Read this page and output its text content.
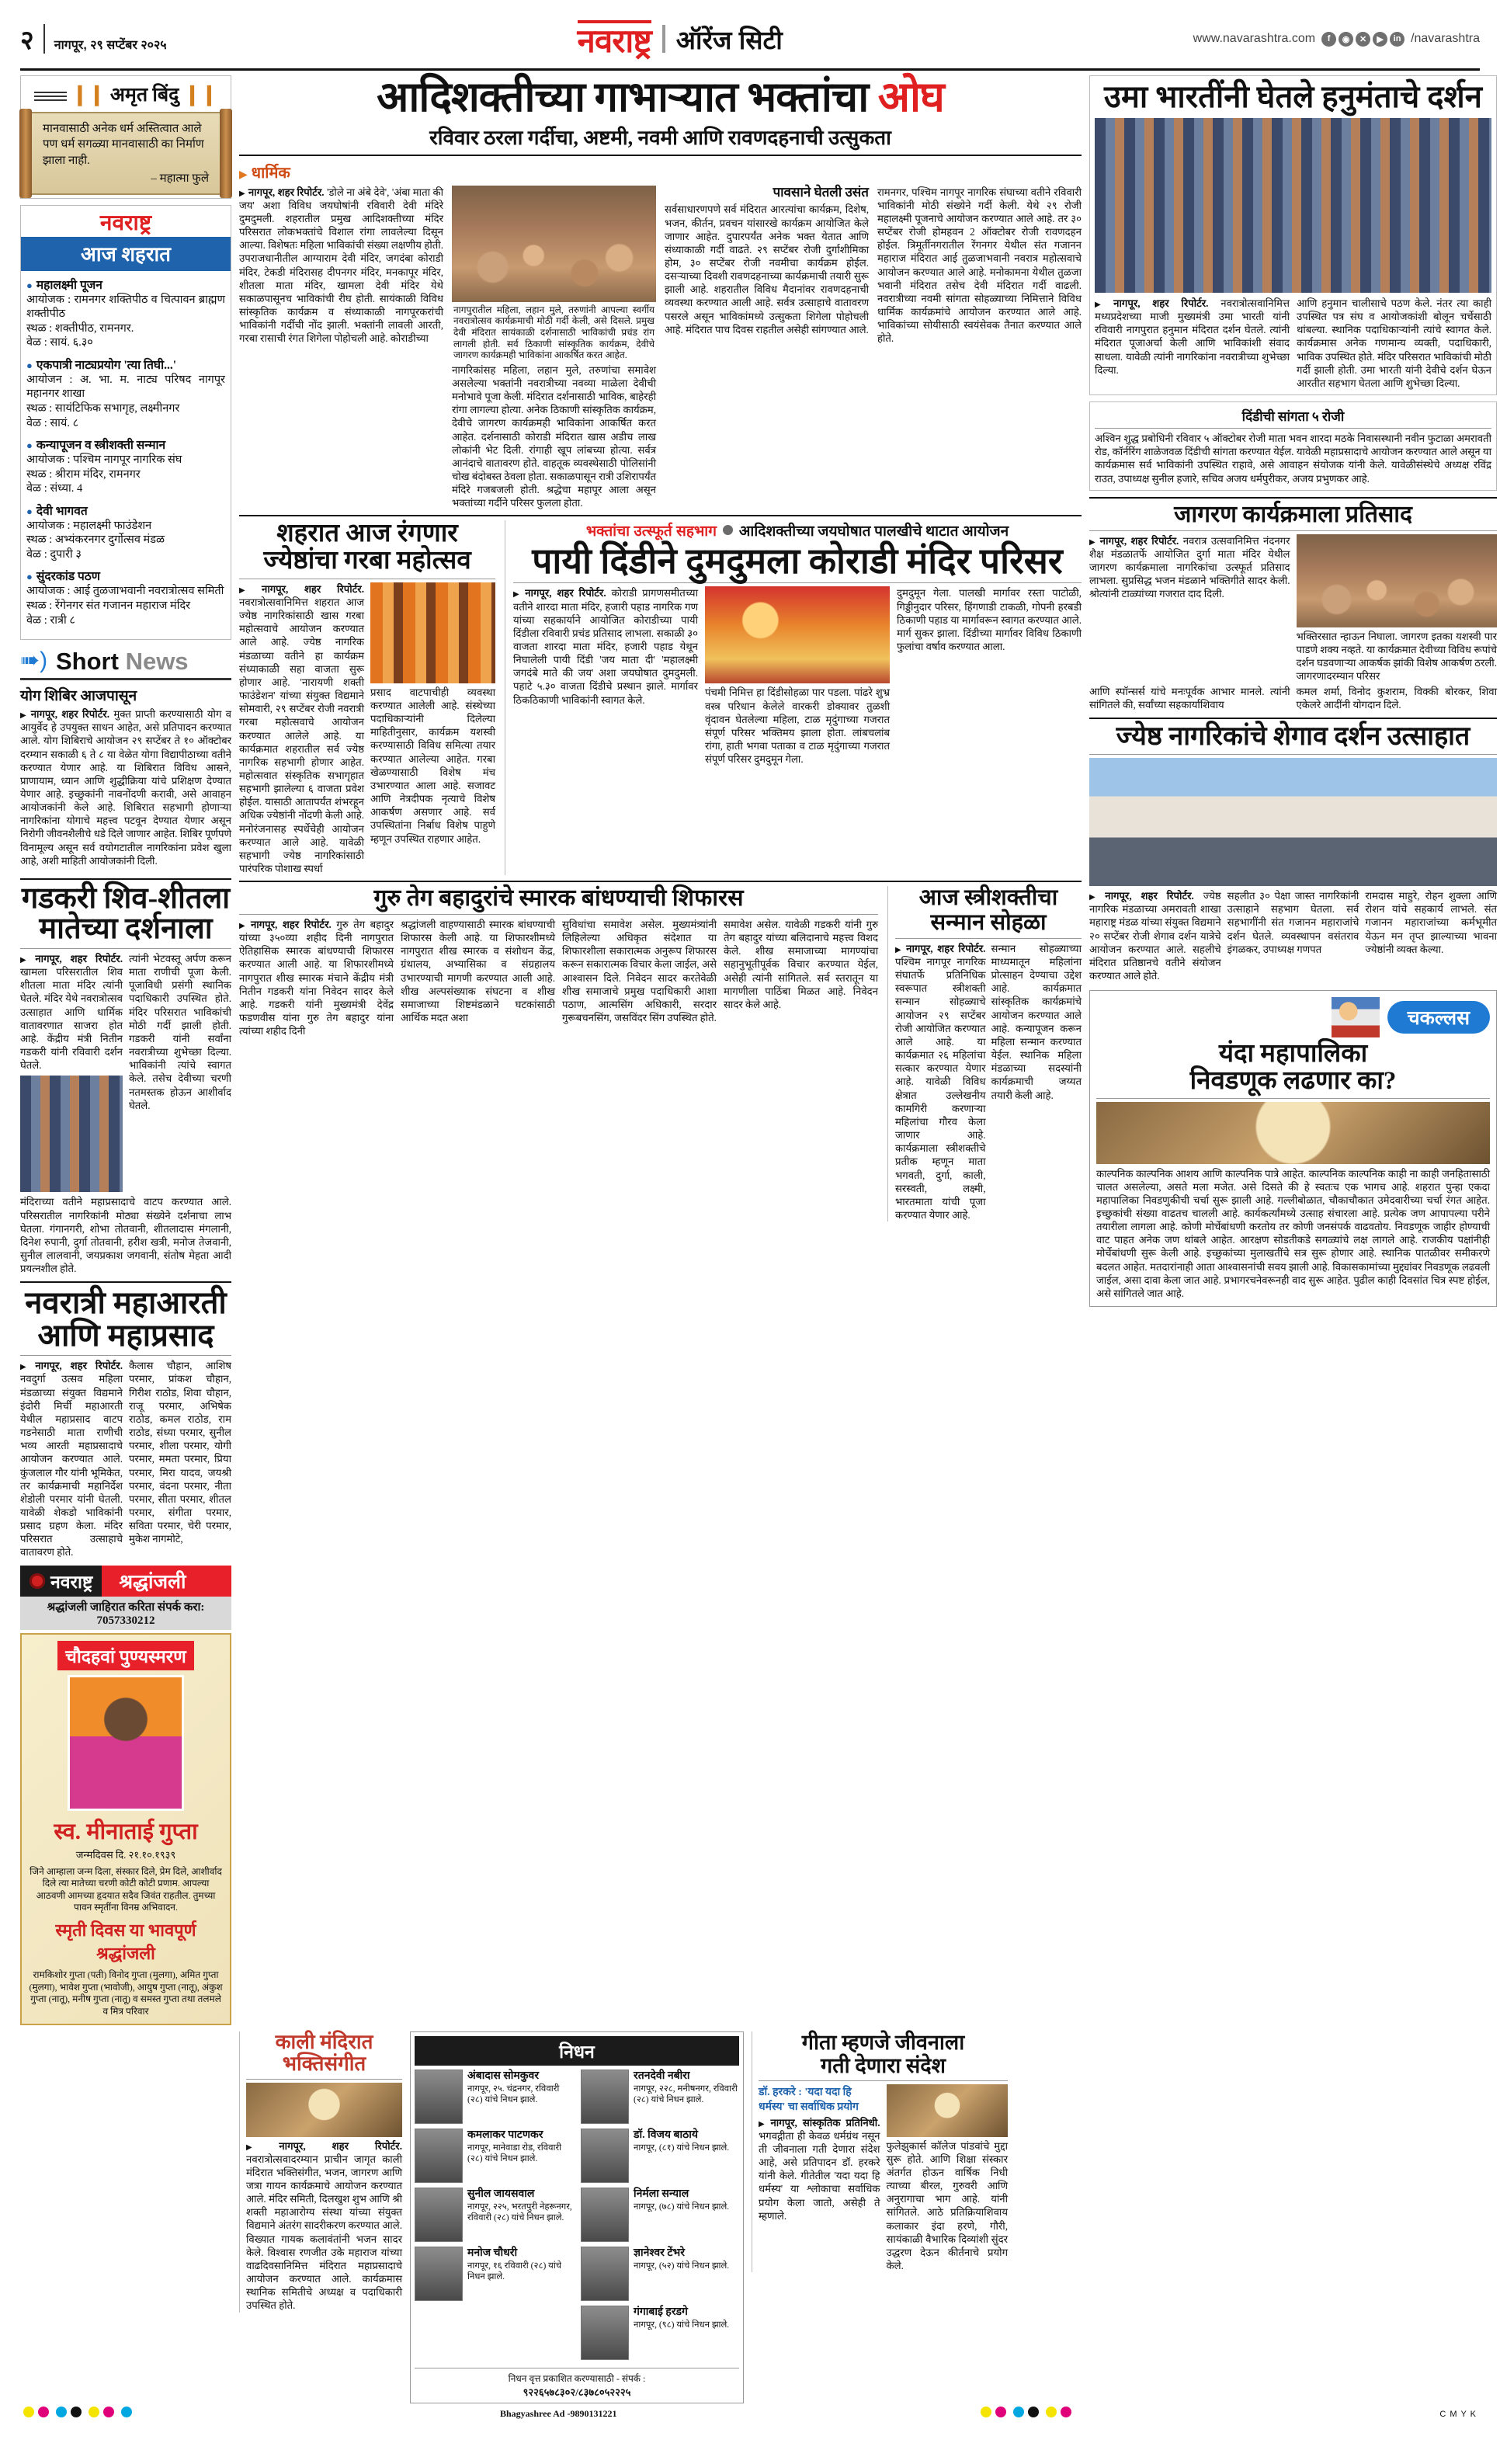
२ नागपूर, २९ सप्टेंबर २०२५	नवराष्ट्र ऑरेंज सिटी	www.navarashtra.com	f	◉	✕	▶	in /navarashtra
❙❙ अमृत बिंदु ❙❙

मानवासाठी अनेक धर्म अस्तित्वात आले पण धर्म सगळ्या मानवासाठी का निर्माण झाला नाही.

– महात्मा फुले
नवराष्ट्र
आज शहरात
● महालक्ष्मी पूजन
आयोजक : रामनगर शक्तिपीठ व चित्पावन ब्राह्मण शक्तीपीठ
स्थळ : शक्तीपीठ, रामनगर.
वेळ : सायं. ६.३०
● एकपात्री नाट्यप्रयोग 'त्या तिघी...'
आयोजन : अ. भा. म. नाट्य परिषद नागपूर महानगर शाखा
स्थळ : सायंटिफिक सभागृह, लक्ष्मीनगर
वेळ : सायं. ८
● कन्यापूजन व स्त्रीशक्ती सन्मान
आयोजक : पश्चिम नागपूर नागरिक संघ
स्थळ : श्रीराम मंदिर, रामनगर
वेळ : संध्या. 4
● देवी भागवत
आयोजक : महालक्ष्मी फाउंडेशन
स्थळ : अभ्यंकरनगर दुर्गोत्सव मंडळ
वेळ : दुपारी ३
● सुंदरकांड पठण
आयोजक : आई तुळजाभवानी नवरात्रोत्सव समिती
स्थळ : रेंगेनगर संत गजानन महाराज मंदिर
वेळ : रात्री ८
➠) Short News
योग शिबिर आजपासून
▶ नागपूर, शहर रिपोर्टर. मुक्त प्राप्ती करण्यासाठी योग व आयुर्वेद हे उपयुक्त साधन आहेत, असे प्रतिपादन करण्यात आले. योग शिबिराचे आयोजन २९ सप्टेंबर ते १० ऑक्टोबर दरम्यान सकाळी ६ ते ८ या वेळेत योगा विद्यापीठाच्या वतीने करण्यात येणार आहे. या शिबिरात विविध आसने, प्राणायाम, ध्यान आणि शुद्धीक्रिया यांचे प्रशिक्षण देण्यात येणार आहे. इच्छुकांनी नावनोंदणी करावी, असे आवाहन आयोजकांनी केले आहे. शिबिरात सहभागी होणाऱ्या नागरिकांना योगाचे महत्त्व पटवून देण्यात येणार असून निरोगी जीवनशैलीचे धडे दिले जाणार आहेत. शिबिर पूर्णपणे विनामूल्य असून सर्व वयोगटातील नागरिकांना प्रवेश खुला आहे, अशी माहिती आयोजकांनी दिली.
गडकरी शिव-शीतला मातेच्या दर्शनाला
▶ नागपूर, शहर रिपोर्टर. खामला परिसरातील शिव शीतला माता मंदिर त्यांनी घेतले. मंदिर येथे नवरात्रोत्सव उत्साहात आणि धार्मिक वातावरणात साजरा होत आहे. केंद्रीय मंत्री नितीन गडकरी यांनी रविवारी दर्शन घेतले.
त्यांनी भेटवस्तू अर्पण करून माता राणीची पूजा केली. पूजाविधी प्रसंगी स्थानिक पदाधिकारी उपस्थित होते. मंदिर परिसरात भाविकांची मोठी गर्दी झाली होती. गडकरी यांनी सर्वांना नवरात्रीच्या शुभेच्छा दिल्या. भाविकांनी त्यांचे स्वागत केले. तसेच देवीच्या चरणी नतमस्तक होऊन आशीर्वाद घेतले.
मंदिराच्या वतीने महाप्रसादाचे वाटप करण्यात आले. परिसरातील नागरिकांनी मोठ्या संख्येने दर्शनाचा लाभ घेतला. गंगानगरी, शोभा तोतवानी, शीतलादास मंगलानी, दिनेश रुपानी, दुर्गा तोतवानी, हरीश खत्री, मनोज तेजवानी, सुनील लालवानी, जयप्रकाश जगवानी, संतोष मेहता आदी प्रयत्नशील होते.
नवरात्री महाआरती
आणि महाप्रसाद
▶ नागपूर, शहर रिपोर्टर. नवदुर्गा उत्सव महिला मंडळाच्या संयुक्त विद्यमाने इंदोरी मिर्ची महाआरती येथील महाप्रसाद वाटप गडनेसाठी माता राणीची भव्य आरती महाप्रसादाचे आयोजन करण्यात आले. कुंजलाल गौर यांनी भूमिकेत, तर कार्यक्रमाची महानिर्देश शेडोली परमार यांनी घेतली. यावेळी शेकडो भाविकांनी प्रसाद ग्रहण केला. मंदिर परिसरात उत्साहाचे वातावरण होते.
कैलास चौहान, आशिष परमार, प्रांकश चौहान, गिरीश राठोड, शिवा चौहान, राजू परमार, अभिषेक राठोड, कमल राठोड, राम राठोड, संध्या परमार, सुनील परमार, शीला परमार, योगी परमार, ममता परमार, प्रिया परमार, मिरा यादव, जयश्री परमार, वंदना परमार, नीता परमार, सीता परमार, शीतल परमार, संगीता परमार, सविता परमार, चेरी परमार, मुकेश नागमोटे,
नवराष्ट्र	श्रद्धांजली
श्रद्धांजली जाहिरात करिता संपर्क करा: 7057330212
चौदहवां पुण्यस्मरण
स्व. मीनाताई गुप्ता
जन्मदिवस दि. २१.१०.१९३९
जिने आम्हाला जन्म दिला, संस्कार दिले, प्रेम दिले, आशीर्वाद दिले त्या मातेच्या चरणी कोटी कोटी प्रणाम. आपल्या आठवणी आमच्या हृदयात सदैव जिवंत राहतील. तुमच्या पावन स्मृतींना विनम्र अभिवादन.
स्मृती दिवस या भावपूर्ण श्रद्धांजली
रामकिशोर गुप्ता (पती) विनोद गुप्ता (मुलगा), अमित गुप्ता (मुलगा), भावेश गुप्ता (भावोजी), आयुष गुप्ता (नातू), अंकुश गुप्ता (नातू), मनीष गुप्ता (नातू) व समस्त गुप्ता तथा तलमले व मित्र परिवार
आदिशक्तीच्या गाभाऱ्यात भक्तांचा ओघ
रविवार ठरला गर्दीचा, अष्टमी, नवमी आणि रावणदहनाची उत्सुकता
▶ धार्मिक
▶ नागपूर, शहर रिपोर्टर. 'डोले ना अंबे देवे', 'अंबा माता की जय' अशा विविध जयघोषांनी रविवारी देवी मंदिरे दुमदुमली. शहरातील प्रमुख आदिशक्तीच्या मंदिर परिसरात लोकभक्तांचे विशाल रांगा लावलेल्या दिसून आल्या. विशेषतः महिला भाविकांची संख्या लक्षणीय होती. उपराजधानीतील आग्याराम देवी मंदिर, जगदंबा कोराडी मंदिर, टेकडी मंदिरासह दीपनगर मंदिर, मनकापूर मंदिर, शीतला माता मंदिर, खामला देवी मंदिर येथे सकाळपासूनच भाविकांची रीघ होती. सायंकाळी विविध सांस्कृतिक कार्यक्रम व संध्याकाळी नागपूरकरांची भाविकांनी गर्दीची नोंद झाली. भक्तांनी लावली आरती, गरबा रासाची रंगत शिगेला पोहोचली आहे. कोराडीच्या
नागपुरातील महिला, लहान मुले, तरुणांनी आपल्या स्वर्गीय नवरात्रोत्सव कार्यक्रमाची मोठी गर्दी केली, असे दिसले. प्रमुख देवी मंदिरात सायंकाळी दर्शनासाठी भाविकांची प्रचंड रांग लागली होती. सर्व ठिकाणी सांस्कृतिक कार्यक्रम, देवीचे जागरण कार्यक्रमही भाविकांना आकर्षित करत आहेत.
नागरिकांसह महिला, लहान मुले, तरुणांचा समावेश असलेल्या भक्तांनी नवरात्रीच्या नवव्या माळेला देवीची मनोभावे पूजा केली. मंदिरात दर्शनासाठी भाविक, बाहेरही रांगा लागल्या होत्या. अनेक ठिकाणी सांस्कृतिक कार्यक्रम, देवीचे जागरण कार्यक्रमही भाविकांना आकर्षित करत आहेत. दर्शनासाठी कोराडी मंदिरात खास अडीच लाख लोकांनी भेट दिली. रांगाही खूप लांबच्या होत्या. सर्वत्र आनंदाचे वातावरण होते. वाहतूक व्यवस्थेसाठी पोलिसांनी चोख बंदोबस्त ठेवला होता. सकाळपासून रात्री उशिरापर्यंत मंदिरे गजबजली होती. श्रद्धेचा महापूर आला असून भक्तांच्या गर्दीने परिसर फुलला होता.
पावसाने घेतली उसंत
सर्वसाधारणपणे सर्व मंदिरात आरत्यांचा कार्यक्रम, दिशेष, भजन, कीर्तन, प्रवचन यांसारखे कार्यक्रम आयोजित केले जाणार आहेत. दुपारपर्यंत अनेक भक्त येतात आणि संध्याकाळी गर्दी वाढते. २९ सप्टेंबर रोजी दुर्गाशीमिका होम, ३० सप्टेंबर रोजी नवमीचा कार्यक्रम होईल. दसऱ्याच्या दिवशी रावणदहनाच्या कार्यक्रमाची तयारी सुरू झाली आहे. शहरातील विविध मैदानांवर रावणदहनाची व्यवस्था करण्यात आली आहे. सर्वत्र उत्साहाचे वातावरण पसरले असून भाविकांमध्ये उत्सुकता शिगेला पोहोचली आहे. मंदिरात पाच दिवस राहतील असेही सांगण्यात आले.
रामनगर, पश्चिम नागपूर नागरिक संघाच्या वतीने रविवारी भाविकांनी मोठी संख्येने गर्दी केली. येथे २९ रोजी महालक्ष्मी पूजनाचे आयोजन करण्यात आले आहे. तर ३० सप्टेंबर रोजी होमहवन 2 ऑक्टोबर रोजी रावणदहन होईल. त्रिमूर्तीनगरातील रेंगनगर येथील संत गजानन महाराज मंदिरात आई तुळजाभवानी नवरात्र महोत्सवाचे आयोजन करण्यात आले आहे. मनोकामना येथील तुळजा भवानी मंदिरात तसेच देवी मंदिरात गर्दी वाढली. नवरात्रीच्या नवमी सांगता सोहळ्याच्या निमित्ताने विविध धार्मिक कार्यक्रमांचे आयोजन करण्यात आले आहे. भाविकांच्या सोयीसाठी स्वयंसेवक तैनात करण्यात आले होते.
शहरात आज रंगणार
ज्येष्ठांचा गरबा महोत्सव
▶ नागपूर, शहर रिपोर्टर. नवरात्रोत्सवानिमित्त शहरात आज ज्येष्ठ नागरिकांसाठी खास गरबा महोत्सवाचे आयोजन करण्यात आले आहे. ज्येष्ठ नागरिक मंडळाच्या वतीने हा कार्यक्रम संध्याकाळी सहा वाजता सुरू होणार आहे. 'नारायणी शक्ती फाउंडेशन' यांच्या संयुक्त विद्यमाने सोमवारी, २९ सप्टेंबर रोजी नवरात्री गरबा महोत्सवाचे आयोजन करण्यात आलेले आहे. या कार्यक्रमात शहरातील सर्व ज्येष्ठ नागरिक सहभागी होणार आहेत. महोत्सवात संस्कृतिक सभागृहात सहभागी झालेल्या ६ वाजता प्रवेश होईल. यासाठी आतापर्यंत शंभरहून अधिक ज्येष्ठांनी नोंदणी केली आहे. मनोरंजनासह स्पर्धेचेही आयोजन करण्यात आले आहे. यावेळी सहभागी ज्येष्ठ नागरिकांसाठी पारंपरिक पोशाख स्पर्धा
प्रसाद वाटपाचीही व्यवस्था करण्यात आलेली आहे. संस्थेच्या पदाधिकाऱ्यांनी दिलेल्या माहितीनुसार, कार्यक्रम यशस्वी करण्यासाठी विविध समित्या तयार करण्यात आलेल्या आहेत. गरबा खेळण्यासाठी विशेष मंच उभारण्यात आला आहे. सजावट आणि नेत्रदीपक नृत्याचे विशेष आकर्षण असणार आहे. सर्व उपस्थितांना निर्बाध विशेष पाहुणे म्हणून उपस्थित राहणार आहेत.
भक्तांचा उत्स्फूर्त सहभाग आदिशक्तीच्या जयघोषात पालखीचे थाटात आयोजन
पायी दिंडीने दुमदुमला कोराडी मंदिर परिसर
▶ नागपूर, शहर रिपोर्टर. कोराडी प्रागणसमीतच्या वतीने शारदा माता मंदिर, हजारी पहाड नागरिक गण यांच्या सहकार्याने आयोजित कोराडीच्या पायी दिंडीला रविवारी प्रचंड प्रतिसाद लाभला. सकाळी ३० वाजता शारदा माता मंदिर, हजारी पहाड येथून निघालेली पायी दिंडी 'जय माता दी' 'महालक्ष्मी जगदंबे माते की जय' अशा जयघोषात दुमदुमली. पहाटे ५.३० वाजता दिंडीचे प्रस्थान झाले. मार्गावर ठिकठिकाणी भाविकांनी स्वागत केले.
पंचमी निमित्त हा दिंडीसोहळा पार पडला. पांढरे शुभ्र वस्त्र परिधान केलेले वारकरी डोक्यावर तुळशी वृंदावन घेतलेल्या महिला, टाळ मृदुंगाच्या गजरात संपूर्ण परिसर भक्तिमय झाला होता. लांबचलांब रांगा, हाती भगवा पताका व टाळ मृदुंगाच्या गजरात संपूर्ण परिसर दुमदुमून गेला.
दुमदुमून गेला. पालखी मार्गावर रस्ता पाटोळी, गिड्डीनुदार परिसर, हिंगणाडी टाकळी, गोपनी हरबडी ठिकाणी पहाड या मार्गावरून स्वागत करण्यात आले. मार्ग सुकर झाला. दिंडीच्या मार्गावर विविध ठिकाणी फुलांचा वर्षाव करण्यात आला.
गुरु तेग बहादुरांचे स्मारक बांधण्याची शिफारस
▶ नागपूर, शहर रिपोर्टर. गुरु तेग बहादुर यांच्या ३५०व्या शहीद दिनी नागपुरात ऐतिहासिक स्मारक बांधण्याची शिफारस करण्यात आली आहे. या शिफारशीमध्ये नागपुरात शीख स्मारक मंचाने केंद्रीय मंत्री नितीन गडकरी यांना निवेदन सादर केले आहे. गडकरी यांनी मुख्यमंत्री देवेंद्र फडणवीस यांना गुरु तेग बहादुर यांना त्यांच्या शहीद दिनी
श्रद्धांजली वाहण्यासाठी स्मारक बांधण्याची शिफारस केली आहे. या शिफारशीमध्ये नागपुरात शीख स्मारक व संशोधन केंद्र, ग्रंथालय, अभ्यासिका व संग्रहालय उभारण्याची मागणी करण्यात आली आहे. शीख अल्पसंख्याक संघटना व शीख समाजाच्या शिष्टमंडळाने घटकांसाठी आर्थिक मदत अशा
सुविधांचा समावेश असेल. मुख्यमंत्र्यांनी लिहिलेल्या अधिकृत संदेशात या शिफारशीला सकारात्मक अनुरूप शिफारस करून सकारात्मक विचार केला जाईल, असे आश्वासन दिले. निवेदन सादर करतेवेळी शीख समाजाचे प्रमुख पदाधिकारी आशा पठाण, आत्मसिंग अधिकारी, सरदार गुरूबचनसिंग, जसविंदर सिंग उपस्थित होते.
समावेश असेल. यावेळी गडकरी यांनी गुरु तेग बहादुर यांच्या बलिदानाचे महत्त्व विशद केले. शीख समाजाच्या मागण्यांचा सहानुभूतीपूर्वक विचार करण्यात येईल, असेही त्यांनी सांगितले. सर्व स्तरातून या मागणीला पाठिंबा मिळत आहे. निवेदन सादर केले आहे.
आज स्त्रीशक्तीचा
सन्मान सोहळा
▶ नागपूर, शहर रिपोर्टर. पश्चिम नागपूर नागरिक संघातर्फे प्रतिनिधिक स्वरूपात स्त्रीशक्ती सन्मान सोहळ्याचे आयोजन २९ सप्टेंबर रोजी आयोजित करण्यात आले आहे. या कार्यक्रमात २६ महिलांचा सत्कार करण्यात येणार आहे. यावेळी विविध क्षेत्रात उल्लेखनीय कामगिरी करणाऱ्या महिलांचा गौरव केला जाणार आहे. कार्यक्रमाला स्त्रीशक्तीचे प्रतीक म्हणून माता भगवती, दुर्गा, काली, सरस्वती, लक्ष्मी, भारतमाता यांची पूजा करण्यात येणार आहे.
सन्मान सोहळ्याच्या माध्यमातून महिलांना प्रोत्साहन देण्याचा उद्देश आहे. कार्यक्रमात सांस्कृतिक कार्यक्रमांचे आयोजन करण्यात आले आहे. कन्यापूजन करून महिला सन्मान करण्यात येईल. स्थानिक महिला मंडळाच्या सदस्यांनी कार्यक्रमाची जय्यत तयारी केली आहे.
उमा भारतींनी घेतले हनुमंताचे दर्शन
▶ नागपूर, शहर रिपोर्टर. नवरात्रोत्सवानिमित्त मध्यप्रदेशच्या माजी मुख्यमंत्री उमा भारती यांनी रविवारी नागपुरात हनुमान मंदिरात दर्शन घेतले. त्यांनी मंदिरात पूजाअर्चा केली आणि भाविकांशी संवाद साधला. यावेळी त्यांनी नागरिकांना नवरात्रीच्या शुभेच्छा दिल्या.
आणि हनुमान चालीसाचे पठण केले. नंतर त्या काही उपस्थित पत्र संघ व आयोजकांशी बोलून चर्चेसाठी थांबल्या. स्थानिक पदाधिकाऱ्यांनी त्यांचे स्वागत केले. कार्यक्रमास अनेक गणमान्य व्यक्ती, पदाधिकारी, भाविक उपस्थित होते. मंदिर परिसरात भाविकांची मोठी गर्दी झाली होती. उमा भारती यांनी देवीचे दर्शन घेऊन आरतीत सहभाग घेतला आणि शुभेच्छा दिल्या.
दिंडीची सांगता ५ रोजी
अश्विन शुद्ध प्रबोधिनी रविवार ५ ऑक्टोबर रोजी माता भवन शारदा मठके निवासस्थानी नवीन फुटाळा अमरावती रोड, कॉर्नरिंग शाळेजवळ दिंडीची सांगता करण्यात येईल. यावेळी महाप्रसादाचे आयोजन करण्यात आले असून या कार्यक्रमास सर्व भाविकांनी उपस्थित राहावे, असे आवाहन संयोजक यांनी केले. यावेळीसंस्थेचे अध्यक्ष रविंद्र राउत, उपाध्यक्ष सुनील हजारे, सचिव अजय धर्मपुरीकर, अजय प्रभुणकर आहे.
जागरण कार्यक्रमाला प्रतिसाद
▶ नागपूर, शहर रिपोर्टर. नवरात्र उत्सवानिमित्त नंदनगर शैक्ष मंडळातर्फे आयोजित दुर्गा माता मंदिर येथील जागरण कार्यक्रमाला नागरिकांचा उत्स्फूर्त प्रतिसाद लाभला. सुप्रसिद्ध भजन मंडळाने भक्तिगीते सादर केली. श्रोत्यांनी टाळ्यांच्या गजरात दाद दिली.
भक्तिरसात न्हाऊन निघाला. जागरण इतका यशस्वी पार पाडणे शक्य नव्हते. या कार्यक्रमात देवीच्या विविध रूपांचे दर्शन घडवणाऱ्या आकर्षक झांकी विशेष आकर्षण ठरली. जागरणादरम्यान परिसर
आणि स्पॉन्सर्स यांचे मनःपूर्वक आभार मानले. त्यांनी सांगितले की, सर्वांच्या सहकार्याशिवाय
कमल शर्मा, विनोद कुशराम, विक्की बोरकर, शिवा एकेलरे आदींनी योगदान दिले.
ज्येष्ठ नागरिकांचे शेगाव दर्शन उत्साहात
▶ नागपूर, शहर रिपोर्टर. ज्येष्ठ नागरिक मंडळाच्या अमरावती शाखा महाराष्ट्र मंडळ यांच्या संयुक्त विद्यमाने २० सप्टेंबर रोजी शेगाव दर्शन यात्रेचे आयोजन करण्यात आले. सहलीचे मंदिरात प्रतिष्ठानचे वतीने संयोजन करण्यात आले होते.
सहलीत ३० पेक्षा जास्त नागरिकांनी उत्साहाने सहभाग घेतला. सर्व सहभागींनी संत गजानन महाराजांचे दर्शन घेतले. व्यवस्थापन वसंतराव इंगळकर, उपाध्यक्ष गणपत
रामदास माहुरे, रोहन शुक्ला आणि रोशन यांचे सहकार्य लाभले. संत गजानन महाराजांच्या कर्मभूमीत येऊन मन तृप्त झाल्याच्या भावना ज्येष्ठांनी व्यक्त केल्या.
चकल्लस
यंदा महापालिका
निवडणूक लढणार का?
काल्पनिक काल्पनिक आशय आणि काल्पनिक पात्रे आहेत. काल्पनिक काल्पनिक काही ना काही जनहितासाठी चालत असलेल्या, असते मला मजेत. असे दिसते की हे स्वतःच एक भागच आहे. शहरात पुन्हा एकदा महापालिका निवडणुकीची चर्चा सुरू झाली आहे. गल्लीबोळात, चौकाचौकात उमेदवारीच्या चर्चा रंगत आहेत. इच्छुकांची संख्या वाढतच चालली आहे. कार्यकर्त्यांमध्ये उत्साह संचारला आहे. प्रत्येक जण आपापल्या परीने तयारीला लागला आहे. कोणी मोर्चेबांधणी करतोय तर कोणी जनसंपर्क वाढवतोय. निवडणूक जाहीर होण्याची वाट पाहत अनेक जण थांबले आहेत. आरक्षण सोडतीकडे सगळ्यांचे लक्ष लागले आहे. राजकीय पक्षांनीही मोर्चेबांधणी सुरू केली आहे. इच्छुकांच्या मुलाखतींचे सत्र सुरू होणार आहे. स्थानिक पातळीवर समीकरणे बदलत आहेत. मतदारांनाही आता आश्वासनांची सवय झाली आहे. विकासकामांच्या मुद्द्यांवर निवडणूक लढवली जाईल, असा दावा केला जात आहे. प्रभागरचनेवरूनही वाद सुरू आहेत. पुढील काही दिवसांत चित्र स्पष्ट होईल, असे सांगितले जात आहे.
काली मंदिरात
भक्तिसंगीत
▶ नागपूर, शहर रिपोर्टर. नवरात्रोत्सवादरम्यान प्राचीन जागृत काली मंदिरात भक्तिसंगीत, भजन, जागरण आणि जत्रा गायन कार्यक्रमाचे आयोजन करण्यात आले. मंदिर समिती, दिलखुश शुभ आणि श्री शक्ती महाआरोग्य संस्था यांच्या संयुक्त विद्यमाने अंतरंग सादरीकरण करण्यात आले. विख्यात गायक कलावंतांनी भजन सादर केले. विश्वास रणजीत उके महाराज यांच्या वाढदिवसानिमित्त मंदिरात महाप्रसादाचे आयोजन करण्यात आले. कार्यक्रमास स्थानिक समितीचे अध्यक्ष व पदाधिकारी उपस्थित होते.
निधन
अंबादास सोमकुवर
नागपूर, २५. चंद्रनगर, रविवारी (२८) यांचे निधन झाले.
कमलाकर पाटणकर
नागपूर, मानेवाडा रोड, रविवारी (२८) यांचे निधन झाले.
सुनील जायसवाल
नागपूर, २२५, भरतपुरी नेहरूनगर, रविवारी (२८) यांचे निधन झाले.
मनोज चौधरी
नागपूर, १६ रविवारी (२८) यांचे निधन झाले.
रतनदेवी नबीरा
नागपूर, २२८, मनीषनगर, रविवारी (२८) यांचे निधन झाले.
डॉ. विजय बाठाये
नागपूर, (८१) यांचे निधन झाले.
निर्मला सन्याल
नागपूर, (७८) यांचे निधन झाले.
ज्ञानेश्वर टेंभरे
नागपूर, (५२) यांचे निधन झाले.
गंगाबाई हरडगे
नागपूर, (९८) यांचे निधन झाले.
निधन वृत्त प्रकाशित करण्यासाठी - संपर्क :
९२२६५७८३०२/८३७८०५२२२५
गीता म्हणजे जीवनाला
गती देणारा संदेश
डॉ. हरकरे : 'यदा यदा हि धर्मस्य' चा सर्वाधिक प्रयोग
▶ नागपूर, सांस्कृतिक प्रतिनिधी. भगवद्गीता ही केवळ धर्मग्रंथ नसून ती जीवनाला गती देणारा संदेश आहे, असे प्रतिपादन डॉ. हरकरे यांनी केले. गीतेतील 'यदा यदा हि धर्मस्य' या श्लोकाचा सर्वाधिक प्रयोग केला जातो, असेही ते म्हणाले.
फुलेझुकार्स कॉलेज पांडवांचे मुद्दा सुरू होते. आणि शिक्षा संस्कार अंतर्गत होऊन वार्षिक निधी त्याच्या बीरल, गुरुवरी आणि अनुरागाचा भाग आहे. यांनी सांगितले. आठे प्रतिक्रियाशिवाय कलाकार इंदा हरणे, गौरी, सायंकाळी वैभारिक दिव्यांशी सुंदर उद्धरण देऊन कीर्तनाचे प्रयोग केले.

Bhagyashree Ad -9890131221
	C M Y K
